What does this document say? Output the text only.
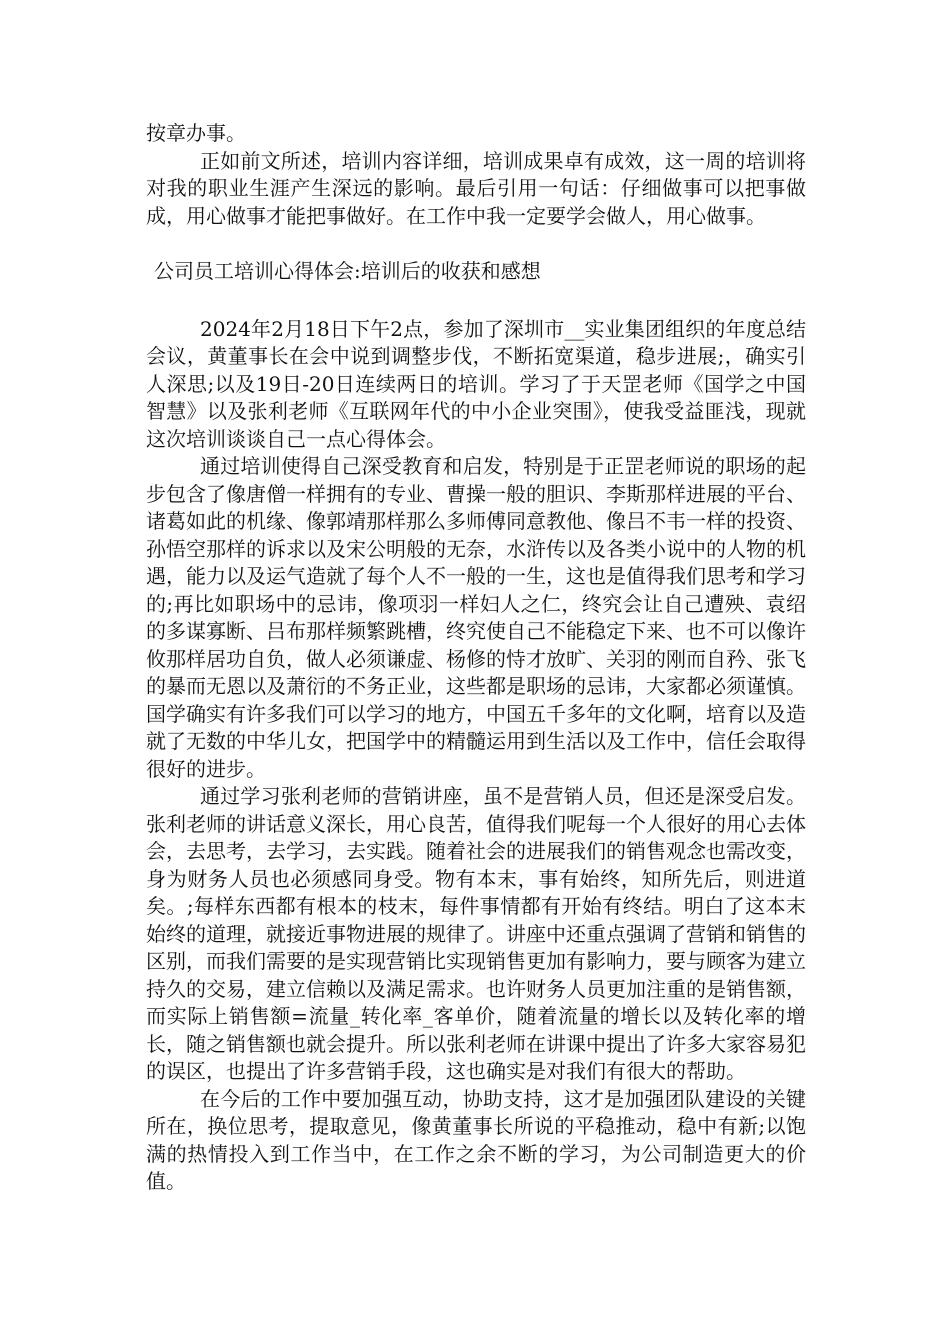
按章办事。

正如前文所述，培训内容详细，培训成果卓有成效，这一周的培训将对我的职业生涯产生深远的影响。最后引用一句话：仔细做事可以把事做成，用心做事才能把事做好。在工作中我一定要学会做人，用心做事。

公司员工培训心得体会:培训后的收获和感想

2024年2月18日下午2点，参加了深圳市__实业集团组织的年度总结会议，黄董事长在会中说到调整步伐，不断拓宽渠道，稳步进展;，确实引人深思;以及19日-20日连续两日的培训。学习了于天罡老师《国学之中国智慧》以及张利老师《互联网年代的中小企业突围》，使我受益匪浅，现就这次培训谈谈自己一点心得体会。

通过培训使得自己深受教育和启发，特别是于正罡老师说的职场的起步包含了像唐僧一样拥有的专业、曹操一般的胆识、李斯那样进展的平台、诸葛如此的机缘、像郭靖那样那么多师傅同意教他、像吕不韦一样的投资、孙悟空那样的诉求以及宋公明般的无奈，水浒传以及各类小说中的人物的机遇，能力以及运气造就了每个人不一般的一生，这也是值得我们思考和学习的;再比如职场中的忌讳，像项羽一样妇人之仁，终究会让自己遭殃、袁绍的多谋寡断、吕布那样频繁跳槽，终究使自己不能稳定下来、也不可以像许攸那样居功自负，做人必须谦虚、杨修的恃才放旷、关羽的刚而自矜、张飞的暴而无恩以及萧衍的不务正业，这些都是职场的忌讳，大家都必须谨慎。国学确实有许多我们可以学习的地方，中国五千多年的文化啊，培育以及造就了无数的中华儿女，把国学中的精髓运用到生活以及工作中，信任会取得很好的进步。

通过学习张利老师的营销讲座，虽不是营销人员，但还是深受启发。张利老师的讲话意义深长，用心良苦，值得我们呢每一个人很好的用心去体会，去思考，去学习，去实践。随着社会的进展我们的销售观念也需改变，身为财务人员也必须感同身受。物有本末，事有始终，知所先后，则进道矣。;每样东西都有根本的枝末，每件事情都有开始有终结。明白了这本末始终的道理，就接近事物进展的规律了。讲座中还重点强调了营销和销售的区别，而我们需要的是实现营销比实现销售更加有影响力，要与顾客为建立持久的交易，建立信赖以及满足需求。也许财务人员更加注重的是销售额，而实际上销售额=流量_转化率_客单价，随着流量的增长以及转化率的增长，随之销售额也就会提升。所以张利老师在讲课中提出了许多大家容易犯的误区，也提出了许多营销手段，这也确实是对我们有很大的帮助。

在今后的工作中要加强互动，协助支持，这才是加强团队建设的关键所在，换位思考，提取意见，像黄董事长所说的平稳推动，稳中有新;以饱满的热情投入到工作当中，在工作之余不断的学习，为公司制造更大的价值。
